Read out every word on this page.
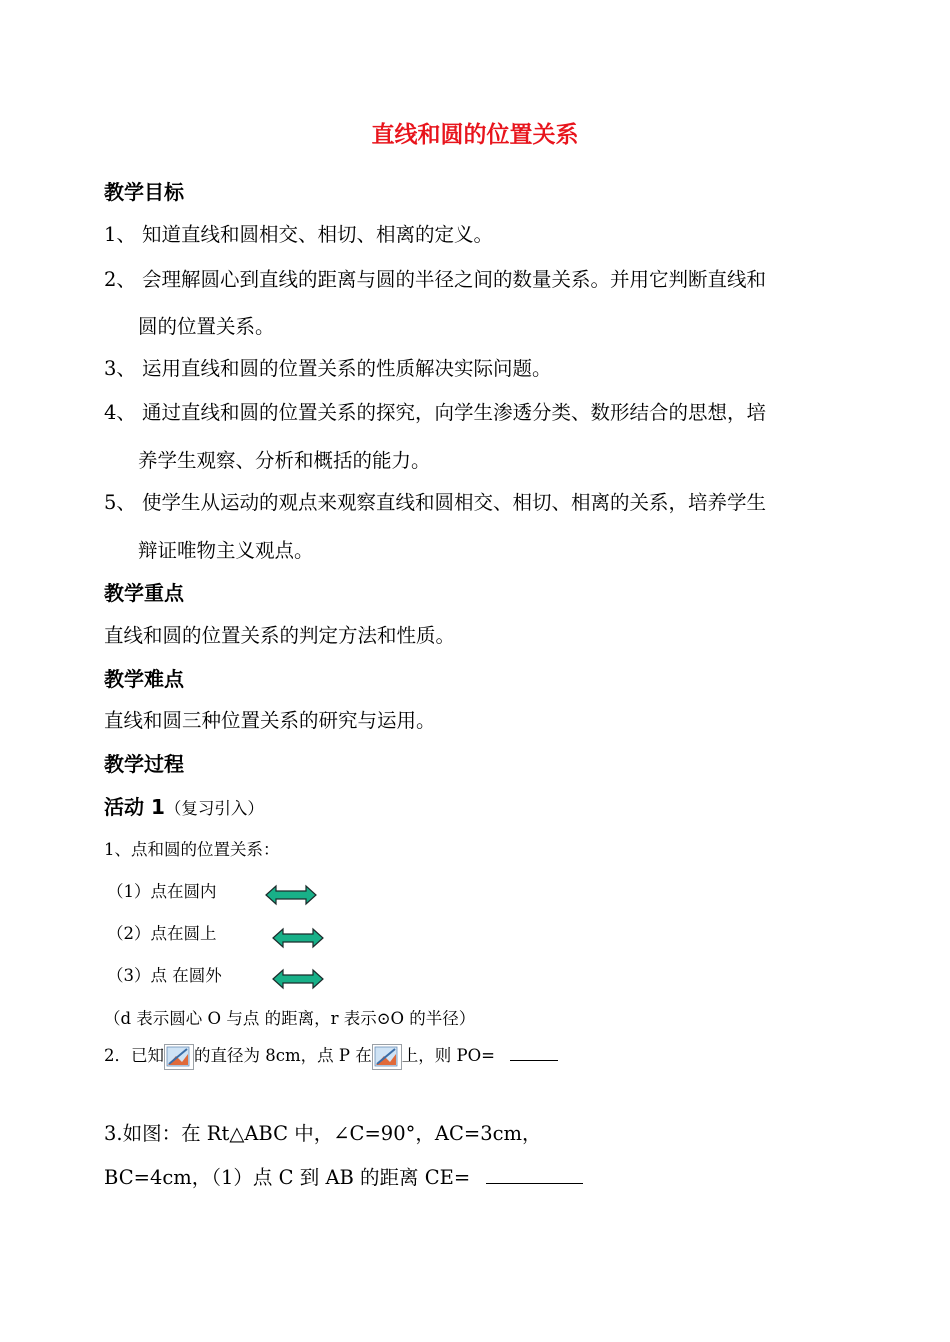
直线和圆的位置关系
教学目标
1、 知道直线和圆相交、相切、相离的定义。
2、 会理解圆心到直线的距离与圆的半径之间的数量关系。并用它判断直线和
圆的位置关系。
3、 运用直线和圆的位置关系的性质解决实际问题。
4、 通过直线和圆的位置关系的探究，向学生渗透分类、数形结合的思想，培
养学生观察、分析和概括的能力。
5、 使学生从运动的观点来观察直线和圆相交、相切、相离的关系，培养学生
辩证唯物主义观点。
教学重点
直线和圆的位置关系的判定方法和性质。
教学难点
直线和圆三种位置关系的研究与运用。
教学过程
活动 1（复习引入）
1、点和圆的位置关系：
（1）点在圆内
（2）点在圆上
（3）点 在圆外
（d 表示圆心 O 与点 的距离，r 表示⊙O 的半径）
2．已知 的直径为 8cm，点 P 在 上，则 PO=
3.如图：在 Rt△ABC 中，∠C=90°，AC=3cm，
BC=4cm，（1）点 C 到 AB 的距离 CE=
